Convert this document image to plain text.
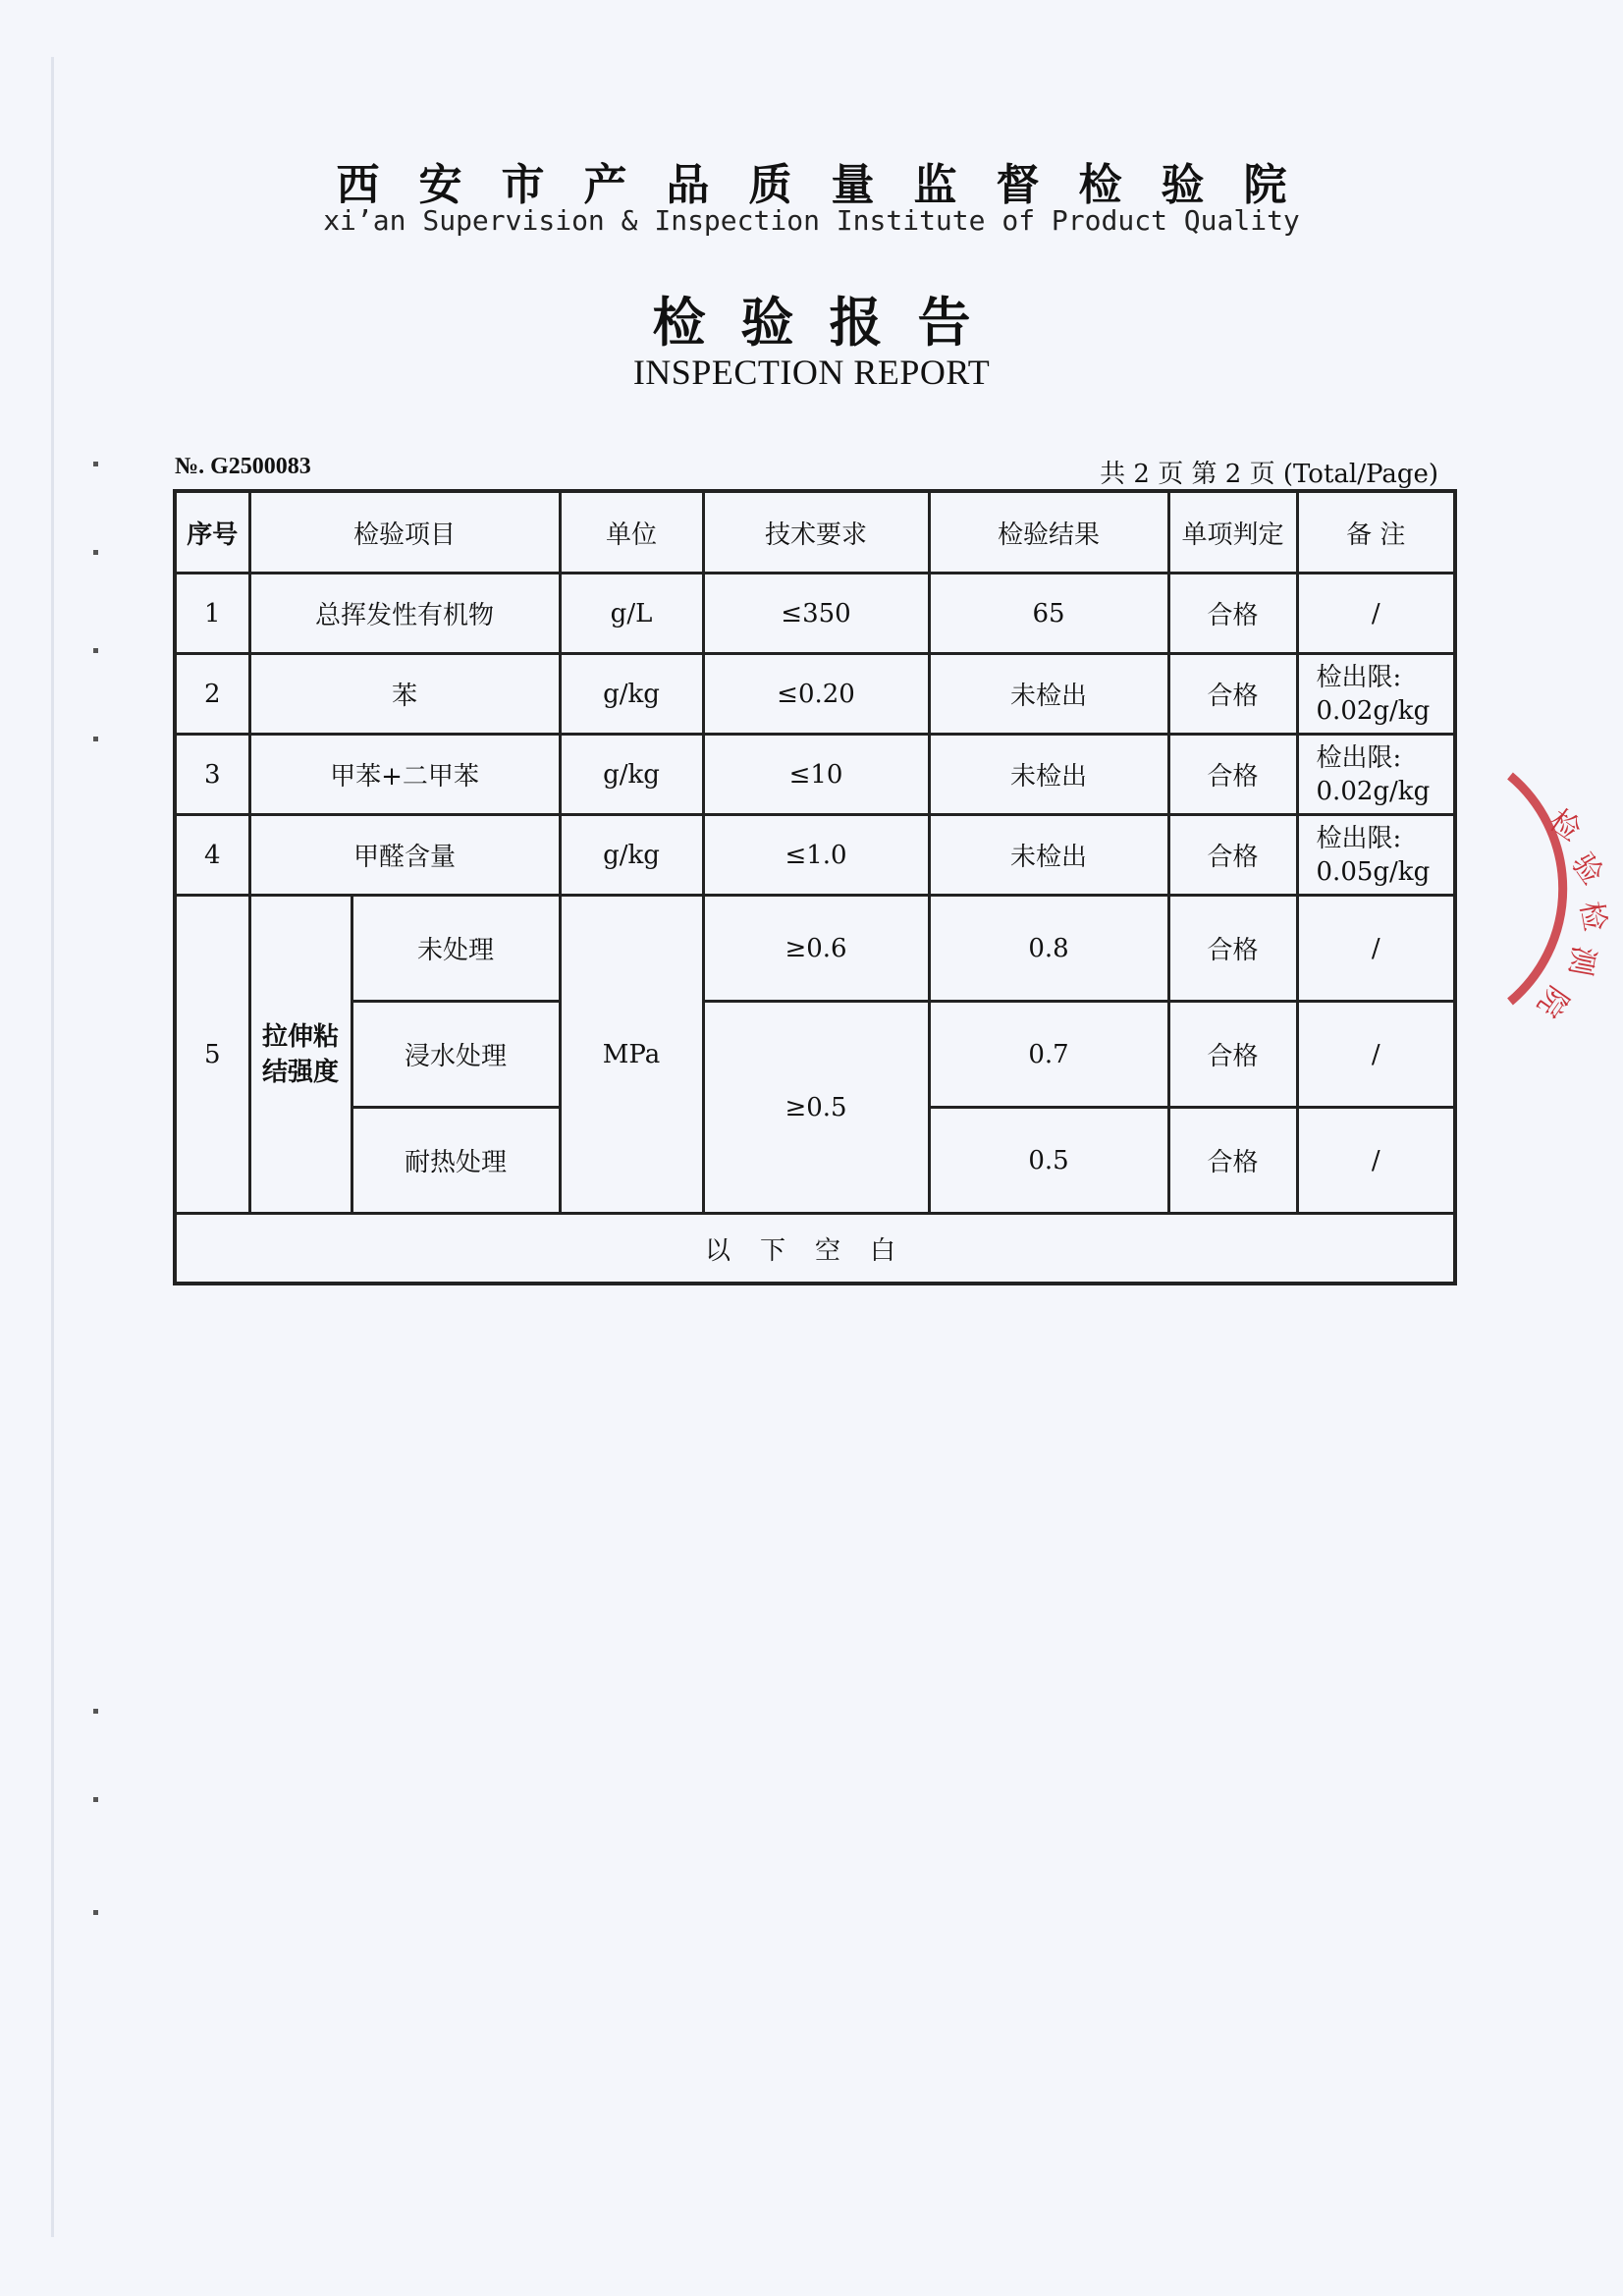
西安市产品质量监督检验院
xi’an Supervision & Inspection Institute of Product Quality
检验报告
INSPECTION REPORT
№. G2500083	共 2 页 第 2 页 (Total/Page)
序号	检验项目		单位	技术要求	检验结果	单项判定	备 注
1	总挥发性有机物		g/L	≤350	65	合格	/
2	苯		g/kg	≤0.20	未检出	合格	检出限:
0.02g/kg

3	甲苯+二甲苯		g/kg	≤10	未检出	合格	检出限:
0.02g/kg

4	甲醛含量		g/kg	≤1.0	未检出	合格	检出限:
0.05g/kg

5	拉伸粘结强度	未处理	MPa	≥0.6	0.8	合格	/
		浸水处理		≥0.5	0.7	合格	/
		耐热处理			0.5	合格	/
以下空白							
检
验
检
测
院
